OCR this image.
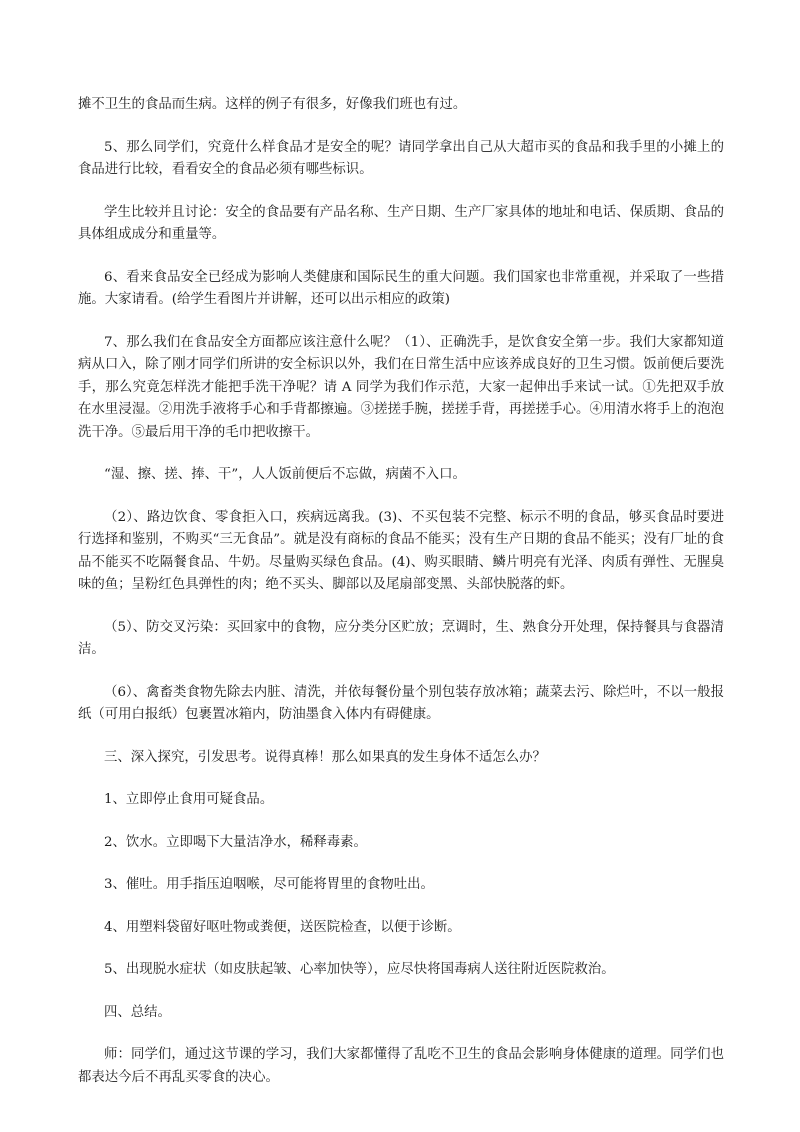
摊不卫生的食品而生病。这样的例子有很多，好像我们班也有过。

5、那么同学们，究竟什么样食品才是安全的呢？请同学拿出自己从大超市买的食品和我手里的小摊上的食品进行比较，看看安全的食品必须有哪些标识。

学生比较并且讨论：安全的食品要有产品名称、生产日期、生产厂家具体的地址和电话、保质期、食品的具体组成成分和重量等。

6、看来食品安全已经成为影响人类健康和国际民生的重大问题。我们国家也非常重视，并采取了一些措施。大家请看。(给学生看图片并讲解，还可以出示相应的政策)

7、那么我们在食品安全方面都应该注意什么呢？（1）、正确洗手，是饮食安全第一步。我们大家都知道病从口入，除了刚才同学们所讲的安全标识以外，我们在日常生活中应该养成良好的卫生习惯。饭前便后要洗手，那么究竟怎样洗才能把手洗干净呢？请 A 同学为我们作示范，大家一起伸出手来试一试。①先把双手放在水里浸湿。②用洗手液将手心和手背都擦遍。③搓搓手腕，搓搓手背，再搓搓手心。④用清水将手上的泡泡洗干净。⑤最后用干净的毛巾把收擦干。

“湿、擦、搓、捧、干”，人人饭前便后不忘做，病菌不入口。

（2）、路边饮食、零食拒入口，疾病远离我。(3)、不买包装不完整、标示不明的食品，够买食品时要进行选择和鉴别，不购买“三无食品”。就是没有商标的食品不能买；没有生产日期的食品不能买；没有厂址的食品不能买不吃隔餐食品、牛奶。尽量购买绿色食品。(4)、购买眼睛、鳞片明亮有光泽、肉质有弹性、无腥臭味的鱼；呈粉红色具弹性的肉；绝不买头、脚部以及尾扇部变黑、头部快脱落的虾。

（5）、防交叉污染：买回家中的食物，应分类分区贮放；烹调时，生、熟食分开处理，保持餐具与食器清洁。

（6）、禽畜类食物先除去内脏、清洗，并依每餐份量个别包装存放冰箱；蔬菜去污、除烂叶，不以一般报纸（可用白报纸）包裹置冰箱内，防油墨食入体内有碍健康。

三、深入探究，引发思考。说得真棒！那么如果真的发生身体不适怎么办？

1、立即停止食用可疑食品。

2、饮水。立即喝下大量洁净水，稀释毒素。

3、催吐。用手指压迫咽喉，尽可能将胃里的食物吐出。

4、用塑料袋留好呕吐物或粪便，送医院检查，以便于诊断。

5、出现脱水症状（如皮肤起皱、心率加快等），应尽快将国毒病人送往附近医院救治。

四、总结。

师：同学们，通过这节课的学习，我们大家都懂得了乱吃不卫生的食品会影响身体健康的道理。同学们也都表达今后不再乱买零食的决心。
